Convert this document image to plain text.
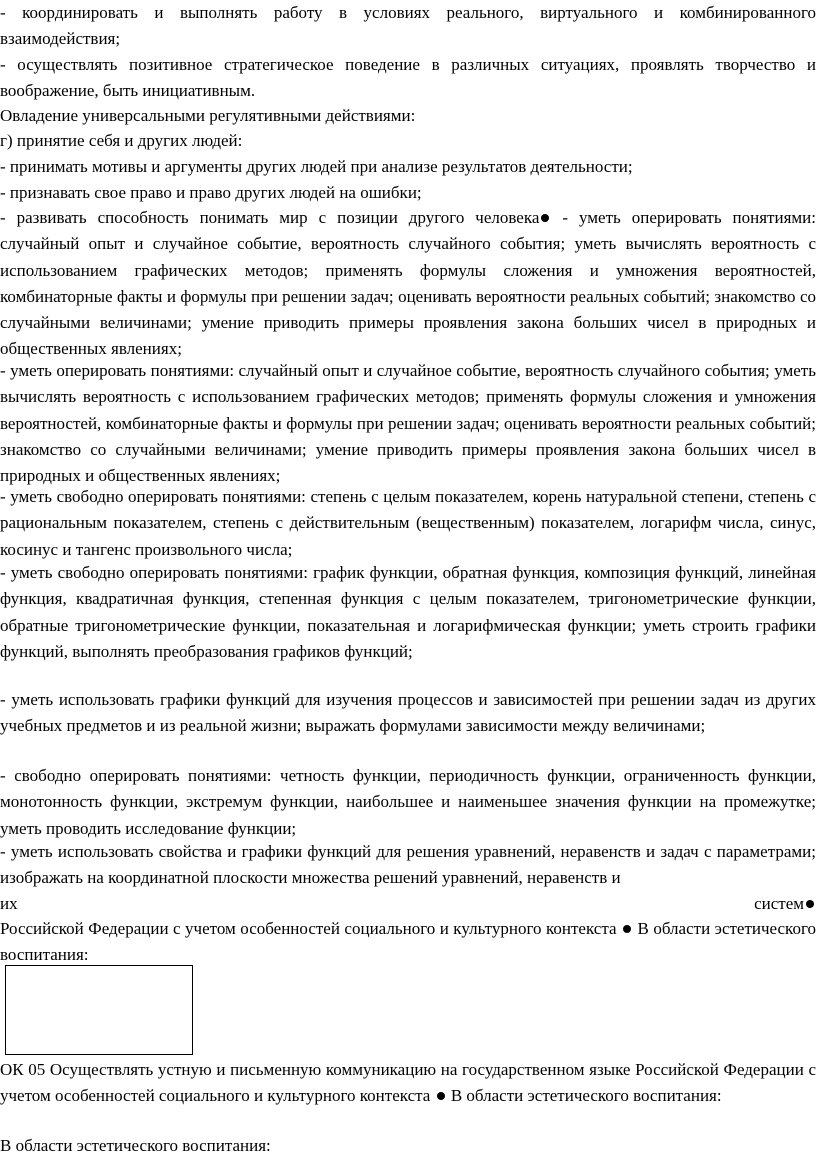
- координировать и выполнять работу в условиях реального, виртуального и комбинированного взаимодействия;

- осуществлять позитивное стратегическое поведение в различных ситуациях, проявлять творчество и воображение, быть инициативным.

Овладение универсальными регулятивными действиями:

г) принятие себя и других людей:

- принимать мотивы и аргументы других людей при анализе результатов деятельности;

- признавать свое право и право других людей на ошибки;

- развивать способность понимать мир с позиции другого человека - уметь оперировать понятиями: случайный опыт и случайное событие, вероятность случайного события; уметь вычислять вероятность с использованием графических методов; применять формулы сложения и умножения вероятностей, комбинаторные факты и формулы при решении задач; оценивать вероятности реальных событий; знакомство со случайными величинами; умение приводить примеры проявления закона больших чисел в природных и общественных явлениях;

- уметь оперировать понятиями: случайный опыт и случайное событие, вероятность случайного события; уметь вычислять вероятность с использованием графических методов; применять формулы сложения и умножения вероятностей, комбинаторные факты и формулы при решении задач; оценивать вероятности реальных событий; знакомство со случайными величинами; умение приводить примеры проявления закона больших чисел в природных и общественных явлениях;

- уметь свободно оперировать понятиями: степень с целым показателем, корень натуральной степени, степень с рациональным показателем, степень с действительным (вещественным) показателем, логарифм числа, синус, косинус и тангенс произвольного числа;

- уметь свободно оперировать понятиями: график функции, обратная функция, композиция функций, линейная функция, квадратичная функция, степенная функция с целым показателем, тригонометрические функции, обратные тригонометрические функции, показательная и логарифмическая функции; уметь строить графики функций, выполнять преобразования графиков функций;

- уметь использовать графики функций для изучения процессов и зависимостей при решении задач из других учебных предметов и из реальной жизни; выражать формулами зависимости между величинами;

- свободно оперировать понятиями: четность функции, периодичность функции, ограниченность функции, монотонность функции, экстремум функции, наибольшее и наименьшее значения функции на промежутке; уметь проводить исследование функции;

- уметь использовать свойства и графики функций для решения уравнений, неравенств и задач с параметрами; изображать на координатной плоскости множества решений уравнений, неравенств и

их	систем

Российской Федерации с учетом особенностей социального и культурного контекста  В области эстетического воспитания:

ОК 05 Осуществлять устную и письменную коммуникацию на государственном языке Российской Федерации с учетом особенностей социального и культурного контекста  В области эстетического воспитания:

В области эстетического воспитания:
